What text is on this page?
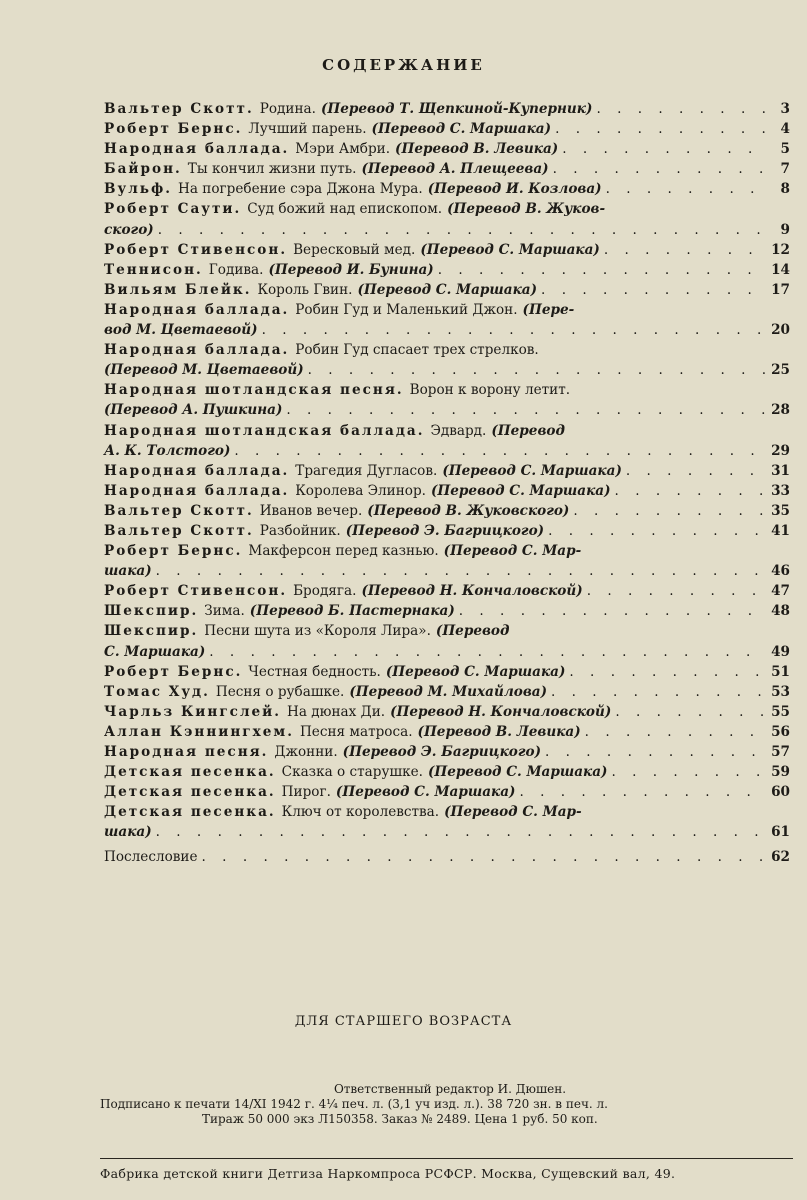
СОДЕРЖАНИЕ
Вальтер Скотт. Родина. (Перевод Т. Щепкиной-Куперник) . . .	3
Роберт Бернс. Лучший парень. (Перевод С. Маршака) . . .	4
Народная баллада. Мэри Амбри. (Перевод В. Левика) . . .	5
Байрон. Ты кончил жизни путь. (Перевод А. Плещеева) . . .	7
Вульф. На погребение сэра Джона Мура. (Перевод И. Козлова) . . .	8
Роберт Саути. Суд божий над епископом. (Перевод В. Жуков-
ского) . . .	9
Роберт Стивенсон. Вересковый мед. (Перевод С. Маршака) . . .	12
Теннисон. Годива. (Перевод И. Бунина) . . .	14
Вильям Блейк. Король Гвин. (Перевод С. Маршака) . . .	17
Народная баллада. Робин Гуд и Маленький Джон. (Пере-
вод М. Цветаевой) . . .	20
Народная баллада. Робин Гуд спасает трех стрелков.
(Перевод М. Цветаевой) . . .	25
Народная шотландская песня. Ворон к ворону летит.
(Перевод А. Пушкина) . . .	28
Народная шотландская баллада. Эдвард. (Перевод
А. К. Толстого) . . .	29
Народная баллада. Трагедия Дугласов. (Перевод С. Маршака) . . .	31
Народная баллада. Королева Элинор. (Перевод С. Маршака) . . .	33
Вальтер Скотт. Иванов вечер. (Перевод В. Жуковского) . . .	35
Вальтер Скотт. Разбойник. (Перевод Э. Багрицкого) . . .	41
Роберт Бернс. Макферсон перед казнью. (Перевод С. Мар-
шака) . . .	46
Роберт Стивенсон. Бродяга. (Перевод Н. Кончаловской) . . .	47
Шекспир. Зима. (Перевод Б. Пастернака) . . .	48
Шекспир. Песни шута из «Короля Лира». (Перевод
С. Маршака) . . .	49
Роберт Бернс. Честная бедность. (Перевод С. Маршака) . . .	51
Томас Худ. Песня о рубашке. (Перевод М. Михайлова) . . .	53
Чарльз Кингслей. На дюнах Ди. (Перевод Н. Кончаловской) . . .	55
Аллан Кэннингхем. Песня матроса. (Перевод В. Левика) . . .	56
Народная песня. Джонни. (Перевод Э. Багрицкого) . . .	57
Детская песенка. Сказка о старушке. (Перевод С. Маршака) . . .	59
Детская песенка. Пирог. (Перевод С. Маршака) . . .	60
Детская песенка. Ключ от королевства. (Перевод С. Мар-
шака) . . .	61
Послесловие . . .	62
ДЛЯ СТАРШЕГО ВОЗРАСТА
Ответственный редактор И. Дюшен.
Подписано к печати 14/XI 1942 г. 4¼ печ. л. (3,1 уч изд. л.). 38 720 зн. в печ. л.
Тираж 50 000 экз Л150358. Заказ № 2489. Цена 1 руб. 50 коп.
Фабрика детской книги Детгиза Наркомпроса РСФСР. Москва, Сущевский вал, 49.
